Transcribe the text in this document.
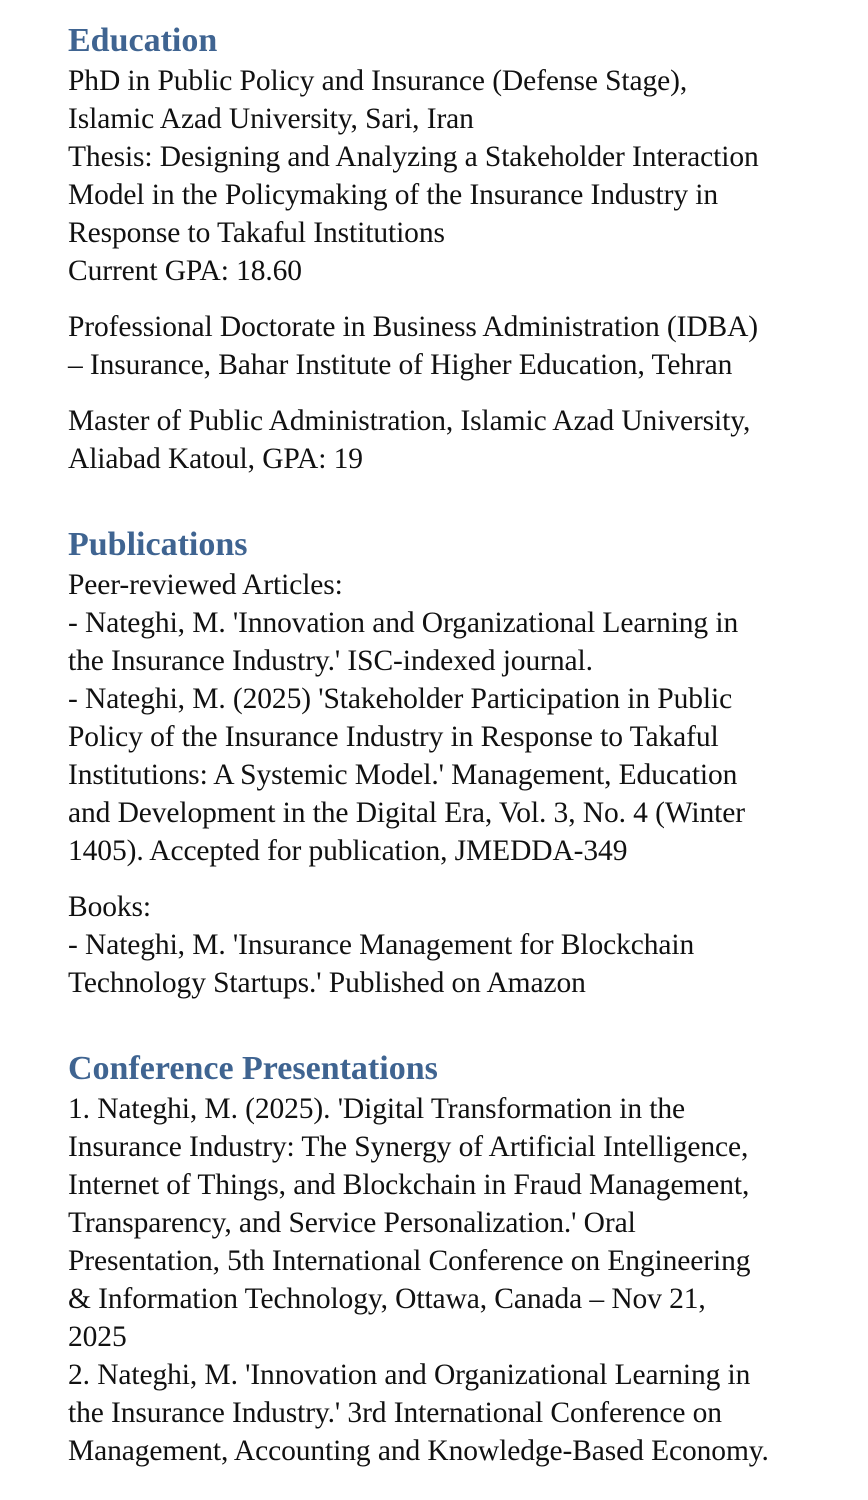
Education
PhD in Public Policy and Insurance (Defense Stage),
Islamic Azad University, Sari, Iran
Thesis: Designing and Analyzing a Stakeholder Interaction
Model in the Policymaking of the Insurance Industry in
Response to Takaful Institutions
Current GPA: 18.60
Professional Doctorate in Business Administration (IDBA)
– Insurance, Bahar Institute of Higher Education, Tehran
Master of Public Administration, Islamic Azad University,
Aliabad Katoul, GPA: 19
Publications
Peer-reviewed Articles:
- Nateghi, M. 'Innovation and Organizational Learning in
the Insurance Industry.' ISC-indexed journal.
- Nateghi, M. (2025) 'Stakeholder Participation in Public
Policy of the Insurance Industry in Response to Takaful
Institutions: A Systemic Model.' Management, Education
and Development in the Digital Era, Vol. 3, No. 4 (Winter
1405). Accepted for publication, JMEDDA-349
Books:
- Nateghi, M. 'Insurance Management for Blockchain
Technology Startups.' Published on Amazon
Conference Presentations
1. Nateghi, M. (2025). 'Digital Transformation in the
Insurance Industry: The Synergy of Artificial Intelligence,
Internet of Things, and Blockchain in Fraud Management,
Transparency, and Service Personalization.' Oral
Presentation, 5th International Conference on Engineering
& Information Technology, Ottawa, Canada – Nov 21,
2025
2. Nateghi, M. 'Innovation and Organizational Learning in
the Insurance Industry.' 3rd International Conference on
Management, Accounting and Knowledge-Based Economy.
